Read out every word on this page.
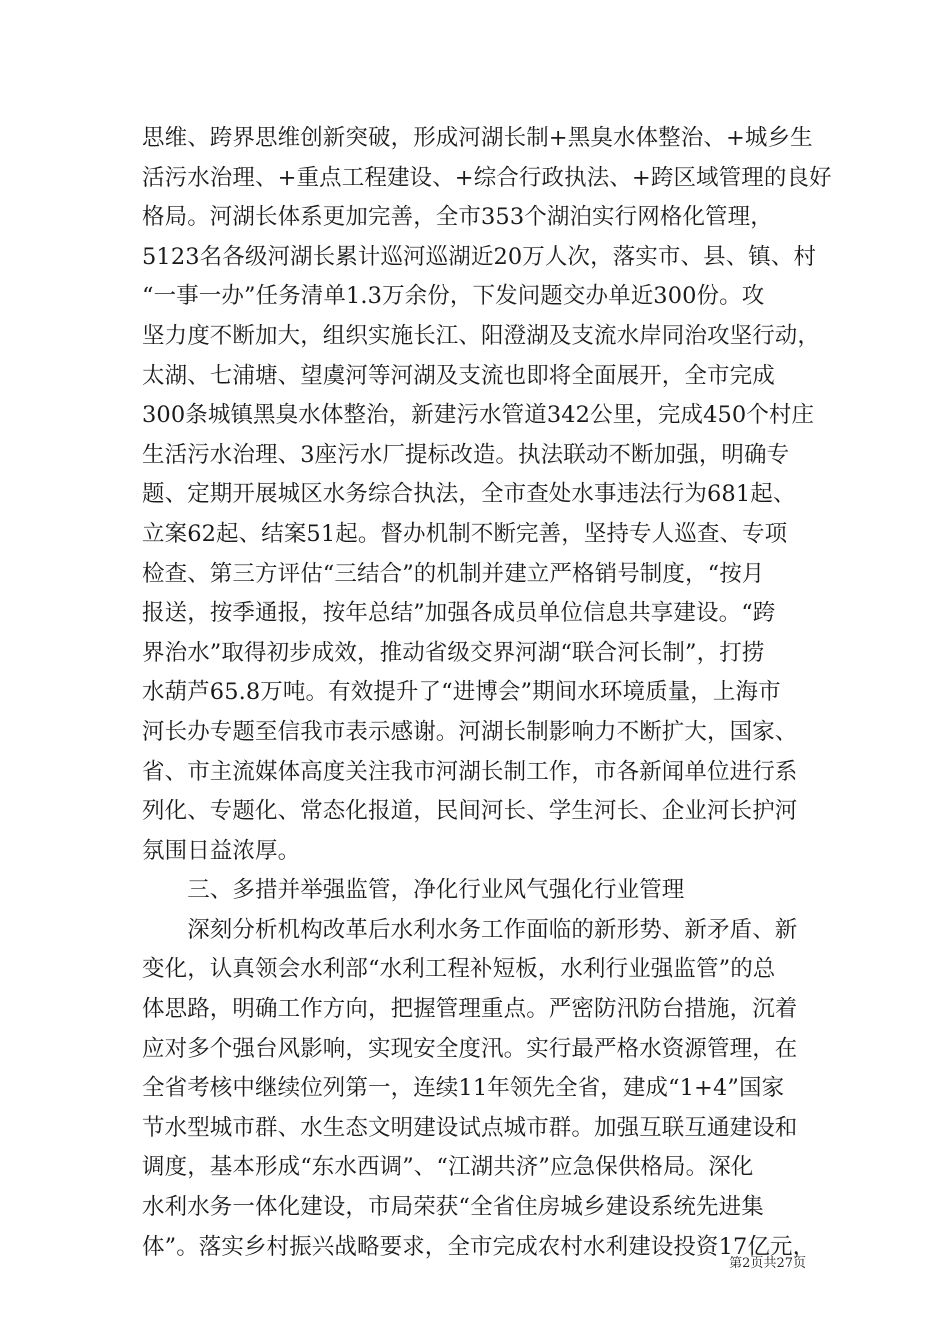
思维、跨界思维创新突破，形成河湖长制+黑臭水体整治、+城乡生
活污水治理、+重点工程建设、+综合行政执法、+跨区域管理的良好
格局。河湖长体系更加完善，全市353个湖泊实行网格化管理，
5123名各级河湖长累计巡河巡湖近20万人次，落实市、县、镇、村
“一事一办”任务清单1.3万余份，下发问题交办单近300份。攻
坚力度不断加大，组织实施长江、阳澄湖及支流水岸同治攻坚行动，
太湖、七浦塘、望虞河等河湖及支流也即将全面展开，全市完成
300条城镇黑臭水体整治，新建污水管道342公里，完成450个村庄
生活污水治理、3座污水厂提标改造。执法联动不断加强，明确专
题、定期开展城区水务综合执法，全市查处水事违法行为681起、
立案62起、结案51起。督办机制不断完善，坚持专人巡查、专项
检查、第三方评估“三结合”的机制并建立严格销号制度，“按月
报送，按季通报，按年总结”加强各成员单位信息共享建设。“跨
界治水”取得初步成效，推动省级交界河湖“联合河长制”，打捞
水葫芦65.8万吨。有效提升了“进博会”期间水环境质量，上海市
河长办专题至信我市表示感谢。河湖长制影响力不断扩大，国家、
省、市主流媒体高度关注我市河湖长制工作，市各新闻单位进行系
列化、专题化、常态化报道，民间河长、学生河长、企业河长护河
氛围日益浓厚。
　　三、多措并举强监管，净化行业风气强化行业管理
　　深刻分析机构改革后水利水务工作面临的新形势、新矛盾、新
变化，认真领会水利部“水利工程补短板，水利行业强监管”的总
体思路，明确工作方向，把握管理重点。严密防汛防台措施，沉着
应对多个强台风影响，实现安全度汛。实行最严格水资源管理，在
全省考核中继续位列第一，连续11年领先全省，建成“1+4”国家
节水型城市群、水生态文明建设试点城市群。加强互联互通建设和
调度，基本形成“东水西调”、“江湖共济”应急保供格局。深化
水利水务一体化建设，市局荣获“全省住房城乡建设系统先进集
体”。落实乡村振兴战略要求，全市完成农村水利建设投资17亿元，
第2页共27页
